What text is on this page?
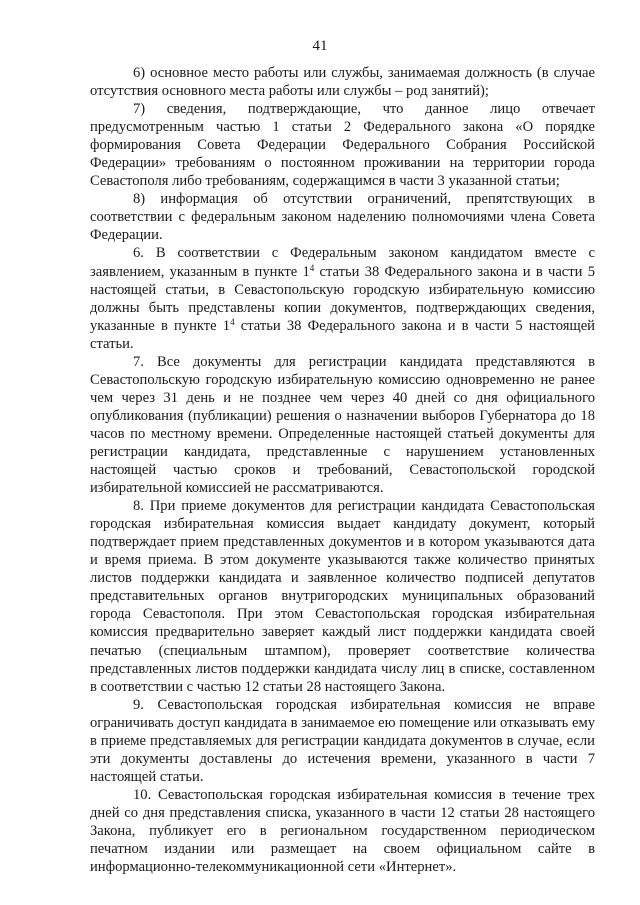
41

6) основное место работы или службы, занимаемая должность (в случае отсутствия основного места работы или службы – род занятий);

7) сведения, подтверждающие, что данное лицо отвечает предусмотренным частью 1 статьи 2 Федерального закона «О порядке формирования Совета Федерации Федерального Собрания Российской Федерации» требованиям о постоянном проживании на территории города Севастополя либо требованиям, содержащимся в части 3 указанной статьи;

8) информация об отсутствии ограничений, препятствующих в соответствии с федеральным законом наделению полномочиями члена Совета Федерации.

6. В соответствии с Федеральным законом кандидатом вместе с заявлением, указанным в пункте $1^4$ статьи 38 Федерального закона и в части 5 настоящей статьи, в Севастопольскую городскую избирательную комиссию должны быть представлены копии документов, подтверждающих сведения, указанные в пункте $1^4$ статьи 38 Федерального закона и в части 5 настоящей статьи.

7. Все документы для регистрации кандидата представляются в Севастопольскую городскую избирательную комиссию одновременно не ранее чем через 31 день и не позднее чем через 40 дней со дня официального опубликования (публикации) решения о назначении выборов Губернатора до 18 часов по местному времени. Определенные настоящей статьей документы для регистрации кандидата, представленные с нарушением установленных настоящей частью сроков и требований, Севастопольской городской избирательной комиссией не рассматриваются.

8. При приеме документов для регистрации кандидата Севастопольская городская избирательная комиссия выдает кандидату документ, который подтверждает прием представленных документов и в котором указываются дата и время приема. В этом документе указываются также количество принятых листов поддержки кандидата и заявленное количество подписей депутатов представительных органов внутригородских муниципальных образований города Севастополя. При этом Севастопольская городская избирательная комиссия предварительно заверяет каждый лист поддержки кандидата своей печатью (специальным штампом), проверяет соответствие количества представленных листов поддержки кандидата числу лиц в списке, составленном в соответствии с частью 12 статьи 28 настоящего Закона.

9. Севастопольская городская избирательная комиссия не вправе ограничивать доступ кандидата в занимаемое ею помещение или отказывать ему в приеме представляемых для регистрации кандидата документов в случае, если эти документы доставлены до истечения времени, указанного в части 7 настоящей статьи.

10. Севастопольская городская избирательная комиссия в течение трех дней со дня представления списка, указанного в части 12 статьи 28 настоящего Закона, публикует его в региональном государственном периодическом печатном издании или размещает на своем официальном сайте в информационно-телекоммуникационной сети «Интернет».
